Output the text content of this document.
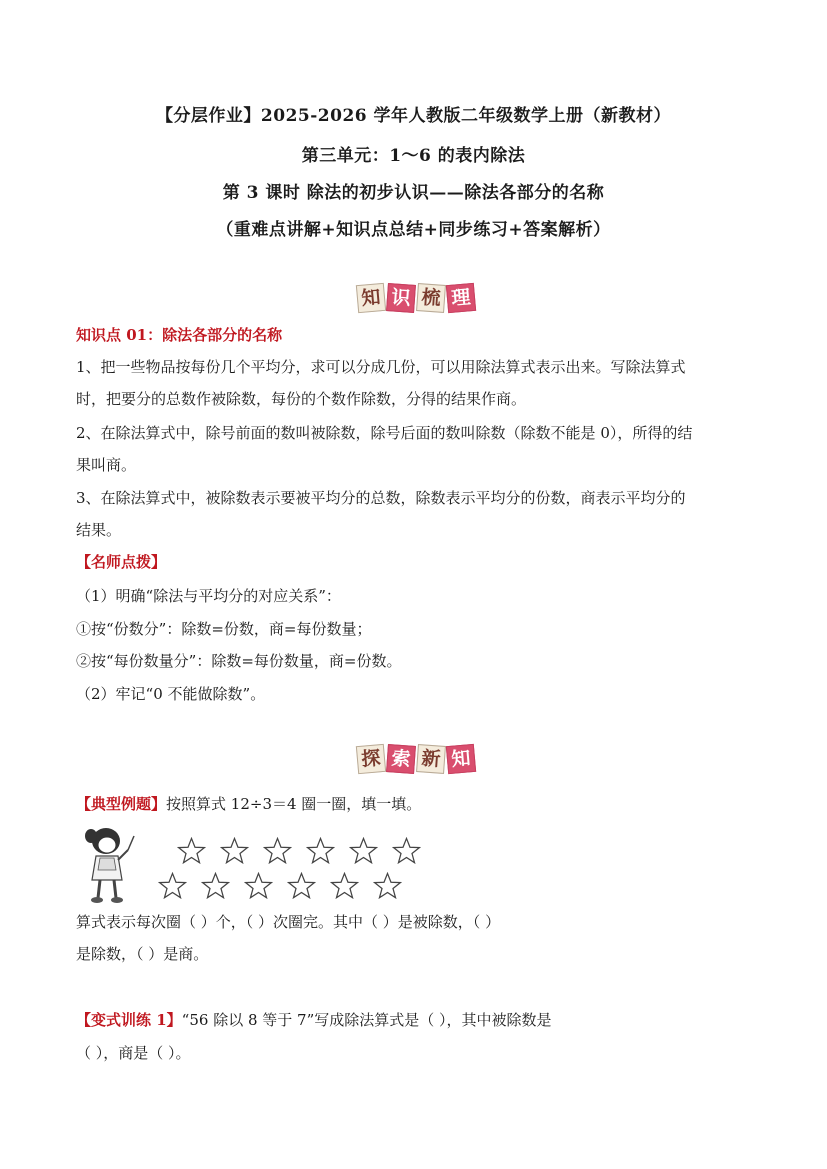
【分层作业】2025-2026 学年人教版二年级数学上册（新教材）
第三单元：1～6 的表内除法
第 3 课时 除法的初步认识——除法各部分的名称
（重难点讲解+知识点总结+同步练习+答案解析）
知 识 梳 理
知识点 01：除法各部分的名称
1、把一些物品按每份几个平均分，求可以分成几份，可以用除法算式表示出来。写除法算式
时，把要分的总数作被除数，每份的个数作除数，分得的结果作商。
2、在除法算式中，除号前面的数叫被除数，除号后面的数叫除数（除数不能是 0），所得的结
果叫商。
3、在除法算式中，被除数表示要被平均分的总数，除数表示平均分的份数，商表示平均分的
结果。
【名师点拨】
（1）明确“除法与平均分的对应关系”：
①按“份数分”：除数=份数，商=每份数量；
②按“每份数量分”：除数=每份数量，商=份数。
（2）牢记“0 不能做除数”。
探 索 新 知
【典型例题】按照算式 12÷3＝4 圈一圈，填一填。
算式表示每次圈（ ）个，（ ）次圈完。其中（ ）是被除数，（ ）
是除数，（ ）是商。
【变式训练 1】“56 除以 8 等于 7”写成除法算式是（ ），其中被除数是
（ ），商是（ ）。
